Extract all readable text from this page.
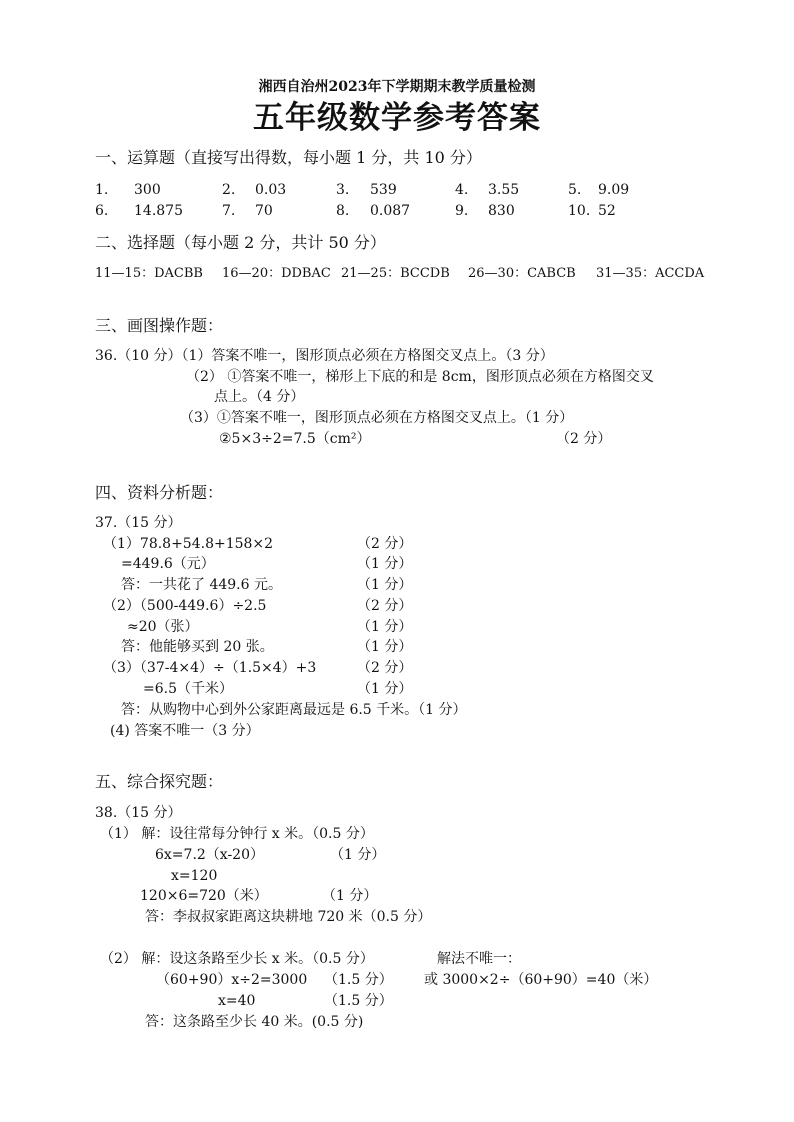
湘西自治州2023年下学期期末教学质量检测
五年级数学参考答案
一、运算题（直接写出得数，每小题 1 分，共 10 分）
1. 300	2. 0.03	3. 539	4. 3.55	5. 9.09
6. 14.875	7. 70	8. 0.087	9. 830	10. 52
二、选择题（每小题 2 分，共计 50 分）
11—15：DACBB 16—20：DDBAC 21—25：BCCDB 26—30：CABCB 31—35：ACCDA
三、画图操作题：
36.（10 分）（1）答案不唯一，图形顶点必须在方格图交叉点上。（3 分）
（2） ①答案不唯一，梯形上下底的和是 8cm，图形顶点必须在方格图交叉
点上。（4 分）
（3）①答案不唯一，图形顶点必须在方格图交叉点上。（1 分）
②5×3÷2=7.5（cm²）	（2 分）
四、资料分析题：
37.（15 分）
（1）78.8+54.8+158×2	（2 分）
=449.6（元）	（1 分）
答：一共花了 449.6 元。	（1 分）
（2）（500-449.6）÷2.5	（2 分）
≈20（张）	（1 分）
答：他能够买到 20 张。	（1 分）
（3）（37-4×4）÷（1.5×4）+3	（2 分）
=6.5（千米）	（1 分）
答：从购物中心到外公家距离最远是 6.5 千米。（1 分）
(4) 答案不唯一（3 分）
五、综合探究题：
38.（15 分）
（1） 解：设往常每分钟行 x 米。（0.5 分）
6x=7.2（x-20）	（1 分）
x=120
120×6=720（米）	（1 分）
答：李叔叔家距离这块耕地 720 米（0.5 分）
（2） 解：设这条路至少长 x 米。（0.5 分）	解法不唯一：
（60+90）x÷2=3000 （1.5 分） 或 3000×2÷（60+90）=40（米）
x=40	（1.5 分）
答：这条路至少长 40 米。(0.5 分)
